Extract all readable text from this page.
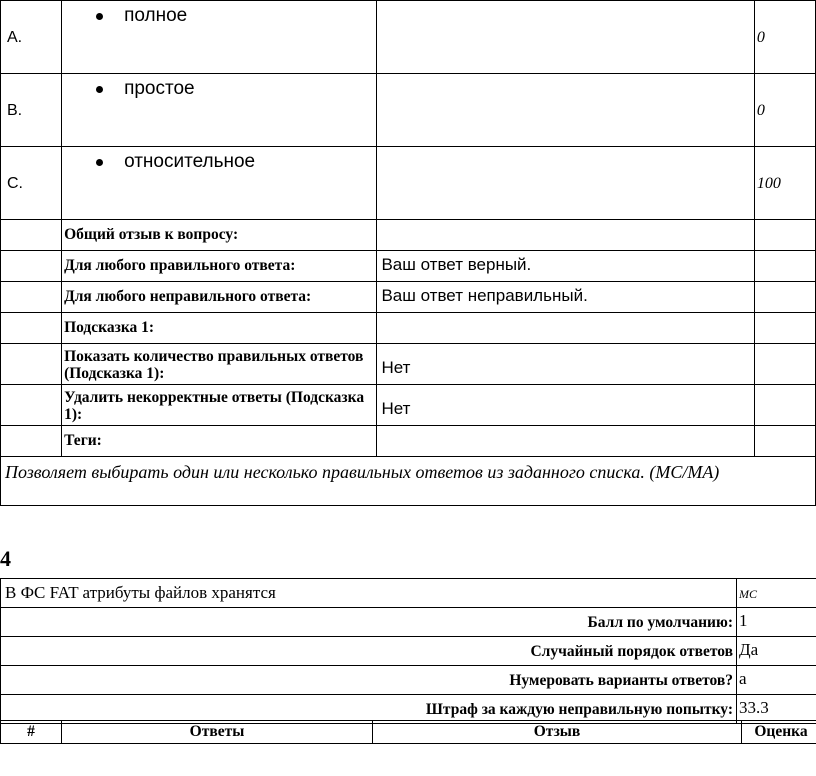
A.	полное		0

B.	простое		0

C.	относительное		100

	Общий отзыв к вопросу:		

	Для любого правильного ответа:	Ваш ответ верный.	

	Для любого неправильного ответа:	Ваш ответ неправильный.	

	Подсказка 1:		

	Показать количество правильных ответов (Подсказка 1):	Нет	

	Удалить некорректные ответы (Подсказка 1):	Нет	

	Теги:		

Позволяет выбирать один или несколько правильных ответов из заданного списка. (MC/MA)			
4
В ФС FAT атрибуты файлов хранятся	MC

Балл по умолчанию:	1

Случайный порядок ответов	Да

Нумеровать варианты ответов?	a

Штраф за каждую неправильную попытку:	33.3
#	Ответы	Отзыв	Оценка
